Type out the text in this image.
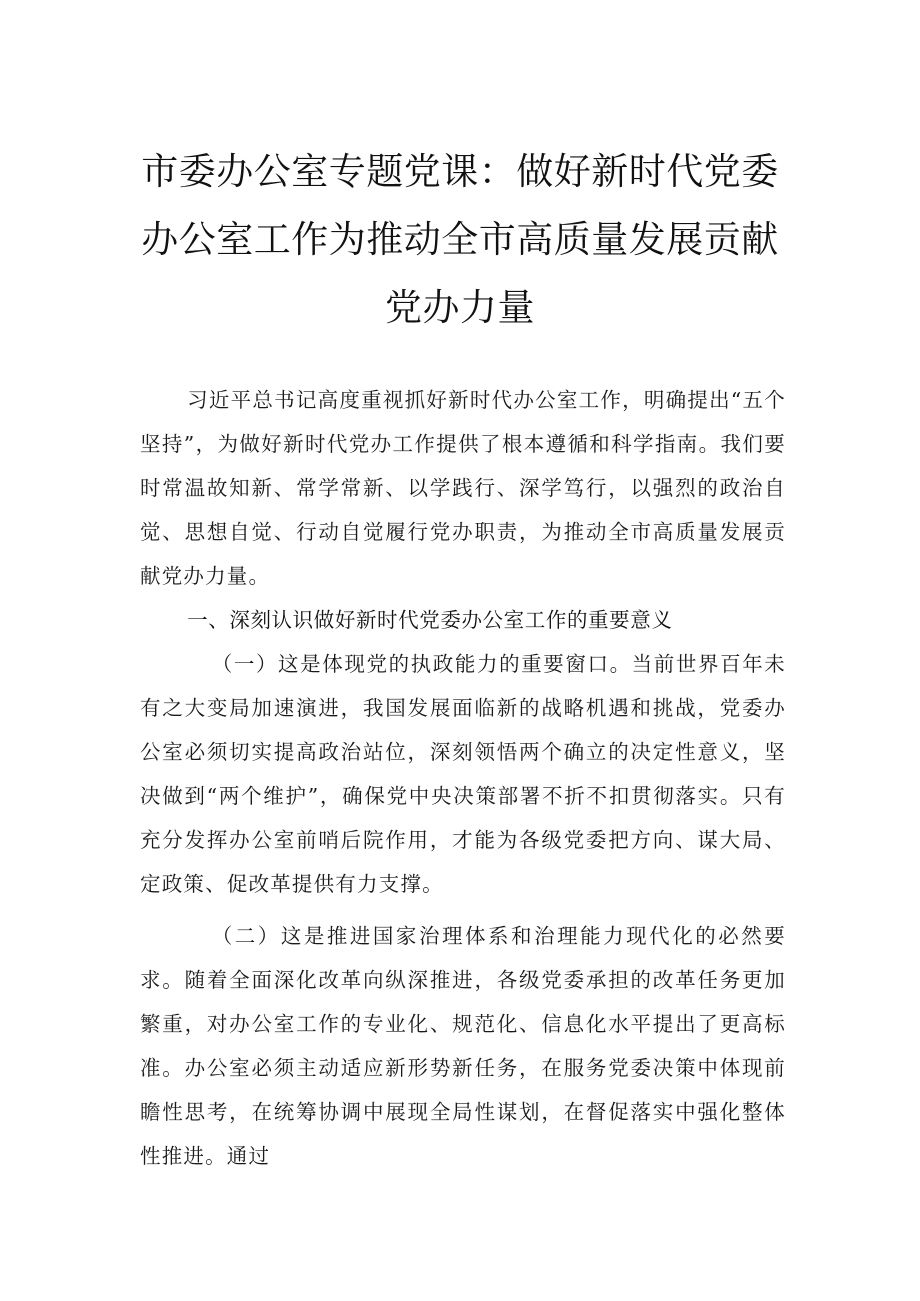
市委办公室专题党课：做好新时代党委办公室工作为推动全市高质量发展贡献党办力量

习近平总书记高度重视抓好新时代办公室工作，明确提出“五个坚持”，为做好新时代党办工作提供了根本遵循和科学指南。我们要时常温故知新、常学常新、以学践行、深学笃行，以强烈的政治自觉、思想自觉、行动自觉履行党办职责，为推动全市高质量发展贡献党办力量。

一、深刻认识做好新时代党委办公室工作的重要意义

（一）这是体现党的执政能力的重要窗口。当前世界百年未有之大变局加速演进，我国发展面临新的战略机遇和挑战，党委办公室必须切实提高政治站位，深刻领悟两个确立的决定性意义，坚决做到“两个维护”，确保党中央决策部署不折不扣贯彻落实。只有充分发挥办公室前哨后院作用，才能为各级党委把方向、谋大局、定政策、促改革提供有力支撑。

（二）这是推进国家治理体系和治理能力现代化的必然要求。随着全面深化改革向纵深推进，各级党委承担的改革任务更加繁重，对办公室工作的专业化、规范化、信息化水平提出了更高标准。办公室必须主动适应新形势新任务，在服务党委决策中体现前瞻性思考，在统筹协调中展现全局性谋划，在督促落实中强化整体性推进。通过
